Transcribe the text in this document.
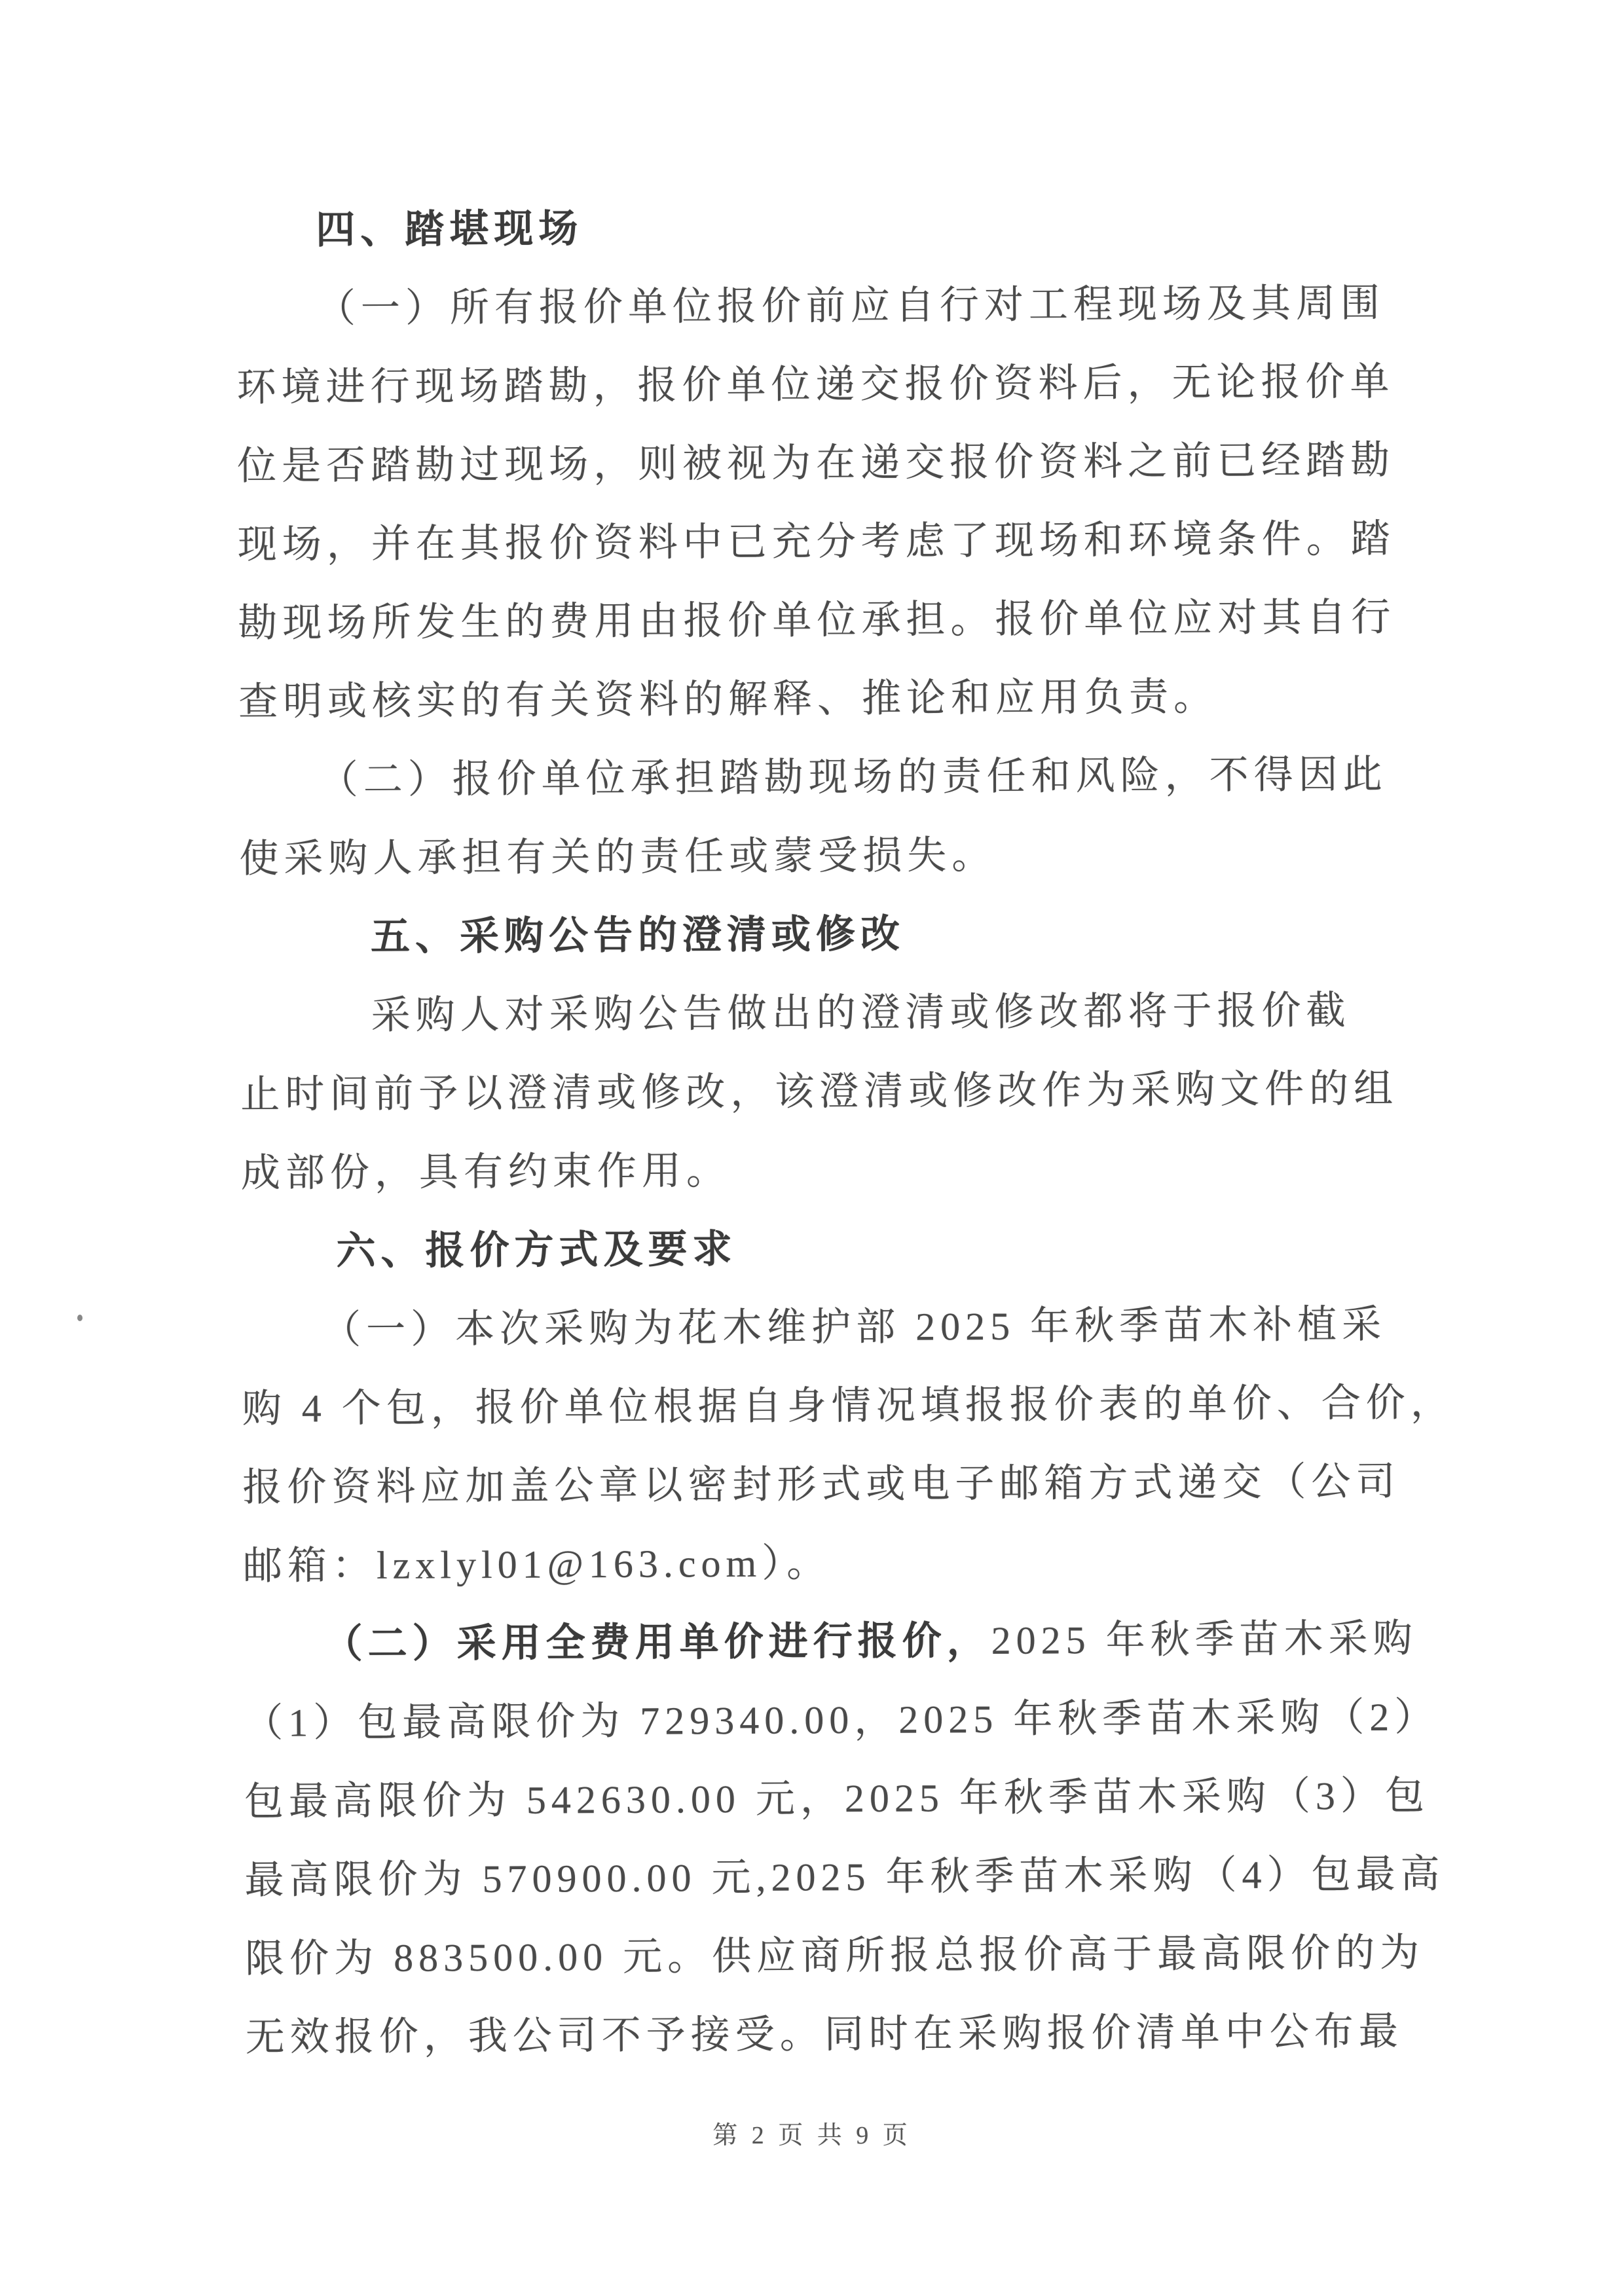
四、踏堪现场
（一）所有报价单位报价前应自行对工程现场及其周围
环境进行现场踏勘，报价单位递交报价资料后，无论报价单
位是否踏勘过现场，则被视为在递交报价资料之前已经踏勘
现场，并在其报价资料中已充分考虑了现场和环境条件。踏
勘现场所发生的费用由报价单位承担。报价单位应对其自行
查明或核实的有关资料的解释、推论和应用负责。
（二）报价单位承担踏勘现场的责任和风险，不得因此
使采购人承担有关的责任或蒙受损失。
五、采购公告的澄清或修改
采购人对采购公告做出的澄清或修改都将于报价截
止时间前予以澄清或修改，该澄清或修改作为采购文件的组
成部份，具有约束作用。
六、报价方式及要求
（一）本次采购为花木维护部 2025 年秋季苗木补植采
购 4 个包，报价单位根据自身情况填报报价表的单价、合价，
报价资料应加盖公章以密封形式或电子邮箱方式递交（公司
邮箱：lzxlyl01@163.com）。
（二）采用全费用单价进行报价，2025 年秋季苗木采购
（1）包最高限价为 729340.00，2025 年秋季苗木采购（2）
包最高限价为 542630.00 元，2025 年秋季苗木采购（3）包
最高限价为 570900.00 元,2025 年秋季苗木采购（4）包最高
限价为 883500.00 元。供应商所报总报价高于最高限价的为
无效报价，我公司不予接受。同时在采购报价清单中公布最
第 2 页 共 9 页
